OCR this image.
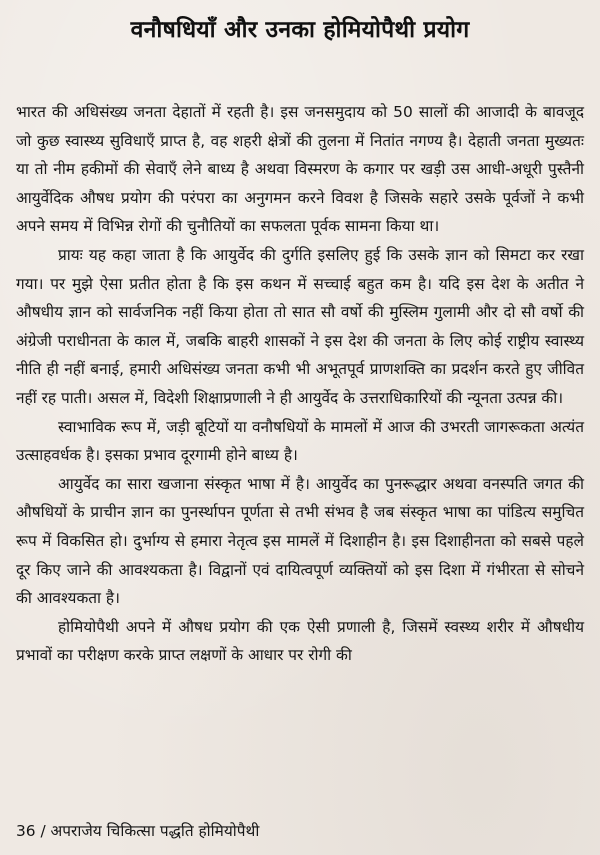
वनौषधियाँ और उनका होमियोपैथी प्रयोग

भारत की अधिसंख्य जनता देहातों में रहती है। इस जनसमुदाय को 50 सालों की आजादी के बावजूद जो कुछ स्वास्थ्य सुविधाएँ प्राप्त है, वह शहरी क्षेत्रों की तुलना में नितांत नगण्य है। देहाती जनता मुख्यतः या तो नीम हकीमों की सेवाएँ लेने बाध्य है अथवा विस्मरण के कगार पर खड़ी उस आधी-अधूरी पुस्तैनी आयुर्वेदिक औषध प्रयोग की परंपरा का अनुगमन करने विवश है जिसके सहारे उसके पूर्वजों ने कभी अपने समय में विभिन्न रोगों की चुनौतियों का सफलता पूर्वक सामना किया था।

प्रायः यह कहा जाता है कि आयुर्वेद की दुर्गति इसलिए हुई कि उसके ज्ञान को सिमटा कर रखा गया। पर मुझे ऐसा प्रतीत होता है कि इस कथन में सच्चाई बहुत कम है। यदि इस देश के अतीत ने औषधीय ज्ञान को सार्वजनिक नहीं किया होता तो सात सौ वर्षो की मुस्लिम गुलामी और दो सौ वर्षो की अंग्रेजी पराधीनता के काल में, जबकि बाहरी शासकों ने इस देश की जनता के लिए कोई राष्ट्रीय स्वास्थ्य नीति ही नहीं बनाई, हमारी अधिसंख्य जनता कभी भी अभूतपूर्व प्राणशक्ति का प्रदर्शन करते हुए जीवित नहीं रह पाती। असल में, विदेशी शिक्षाप्रणाली ने ही आयुर्वेद के उत्तराधिकारियों की न्यूनता उत्पन्न की।

स्वाभाविक रूप में, जड़ी बूटियों या वनौषधियों के मामलों में आज की उभरती जागरूकता अत्यंत उत्साहवर्धक है। इसका प्रभाव दूरगामी होने बाध्य है।

आयुर्वेद का सारा खजाना संस्कृत भाषा में है। आयुर्वेद का पुनरूद्धार अथवा वनस्पति जगत की औषधियों के प्राचीन ज्ञान का पुनर्स्थापन पूर्णता से तभी संभव है जब संस्कृत भाषा का पांडित्य समुचित रूप में विकसित हो। दुर्भाग्य से हमारा नेतृत्व इस मामलें में दिशाहीन है। इस दिशाहीनता को सबसे पहले दूर किए जाने की आवश्यकता है। विद्वानों एवं दायित्वपूर्ण व्यक्तियों को इस दिशा में गंभीरता से सोचने की आवश्यकता है।

होमियोपैथी अपने में औषध प्रयोग की एक ऐसी प्रणाली है, जिसमें स्वस्थ्य शरीर में औषधीय प्रभावों का परीक्षण करके प्राप्त लक्षणों के आधार पर रोगी की

36 / अपराजेय चिकित्सा पद्धति होमियोपैथी
